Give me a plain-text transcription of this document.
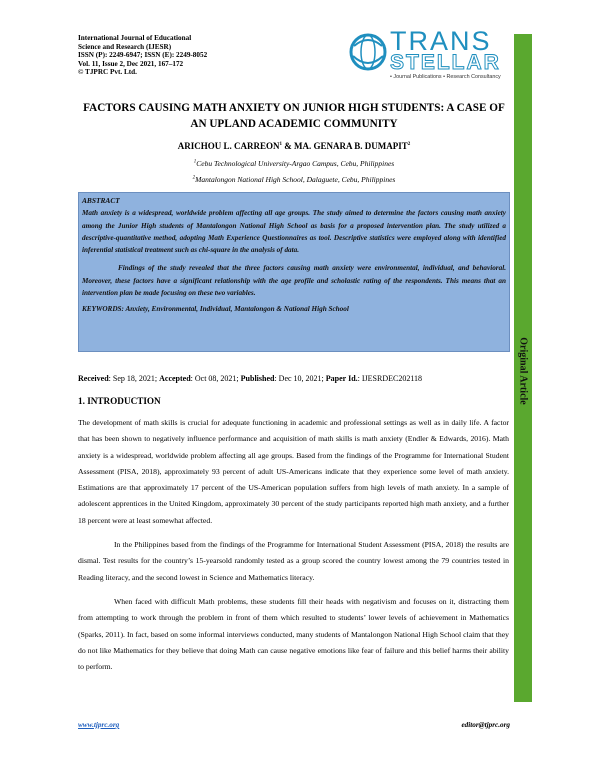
International Journal of Educational
Science and Research (IJESR)
ISSN (P): 2249-6947; ISSN (E): 2249-8052
Vol. 11, Issue 2, Dec 2021, 167–172
© TJPRC Pvt. Ltd.
TRANS
STELLAR
• Journal Publications • Research Consultancy
Original Article
FACTORS CAUSING MATH ANXIETY ON JUNIOR HIGH STUDENTS: A CASE OF AN UPLAND ACADEMIC COMMUNITY
ARICHOU L. CARREON$^1$ & MA. GENARA B. DUMAPIT$^2$
$^1$Cebu Technological University-Argao Campus, Cebu, Philippines
$^2$Mantalongon National High School, Dalaguete, Cebu, Philippines

ABSTRACT

Math anxiety is a widespread, worldwide problem affecting all age groups. The study aimed to determine the factors causing math anxiety among the Junior High students of Mantalongon National High School as basis for a proposed intervention plan. The study utilized a descriptive-quantitative method, adopting Math Experience Questionnaires as tool. Descriptive statistics were employed along with identified inferential statistical treatment such as chi-square in the analysis of data.

Findings of the study revealed that the three factors causing math anxiety were environmental, individual, and behavioral. Moreover, these factors have a significant relationship with the age profile and scholastic rating of the respondents. This means that an intervention plan be made focusing on these two variables.

KEYWORDS: Anxiety, Environmental, Individual, Mantalongon & National High School

Received: Sep 18, 2021; Accepted: Oct 08, 2021; Published: Dec 10, 2021; Paper Id.: IJESRDEC202118
1. INTRODUCTION

The development of math skills is crucial for adequate functioning in academic and professional settings as well as in daily life. A factor that has been shown to negatively influence performance and acquisition of math skills is math anxiety (Endler & Edwards, 2016). Math anxiety is a widespread, worldwide problem affecting all age groups. Based from the findings of the Programme for International Student Assessment (PISA, 2018), approximately 93 percent of adult US-Americans indicate that they experience some level of math anxiety. Estimations are that approximately 17 percent of the US-American population suffers from high levels of math anxiety. In a sample of adolescent apprentices in the United Kingdom, approximately 30 percent of the study participants reported high math anxiety, and a further 18 percent were at least somewhat affected.

In the Philippines based from the findings of the Programme for International Student Assessment (PISA, 2018) the results are dismal. Test results for the country’s 15-yearsold randomly tested as a group scored the country lowest among the 79 countries tested in Reading literacy, and the second lowest in Science and Mathematics literacy.

When faced with difficult Math problems, these students fill their heads with negativism and focuses on it, distracting them from attempting to work through the problem in front of them which resulted to students’ lower levels of achievement in Mathematics (Sparks, 2011). In fact, based on some informal interviews conducted, many students of Mantalongon National High School claim that they do not like Mathematics for they believe that doing Math can cause negative emotions like fear of failure and this belief harms their ability to perform.

www.tjprc.org	editor@tjprc.org
